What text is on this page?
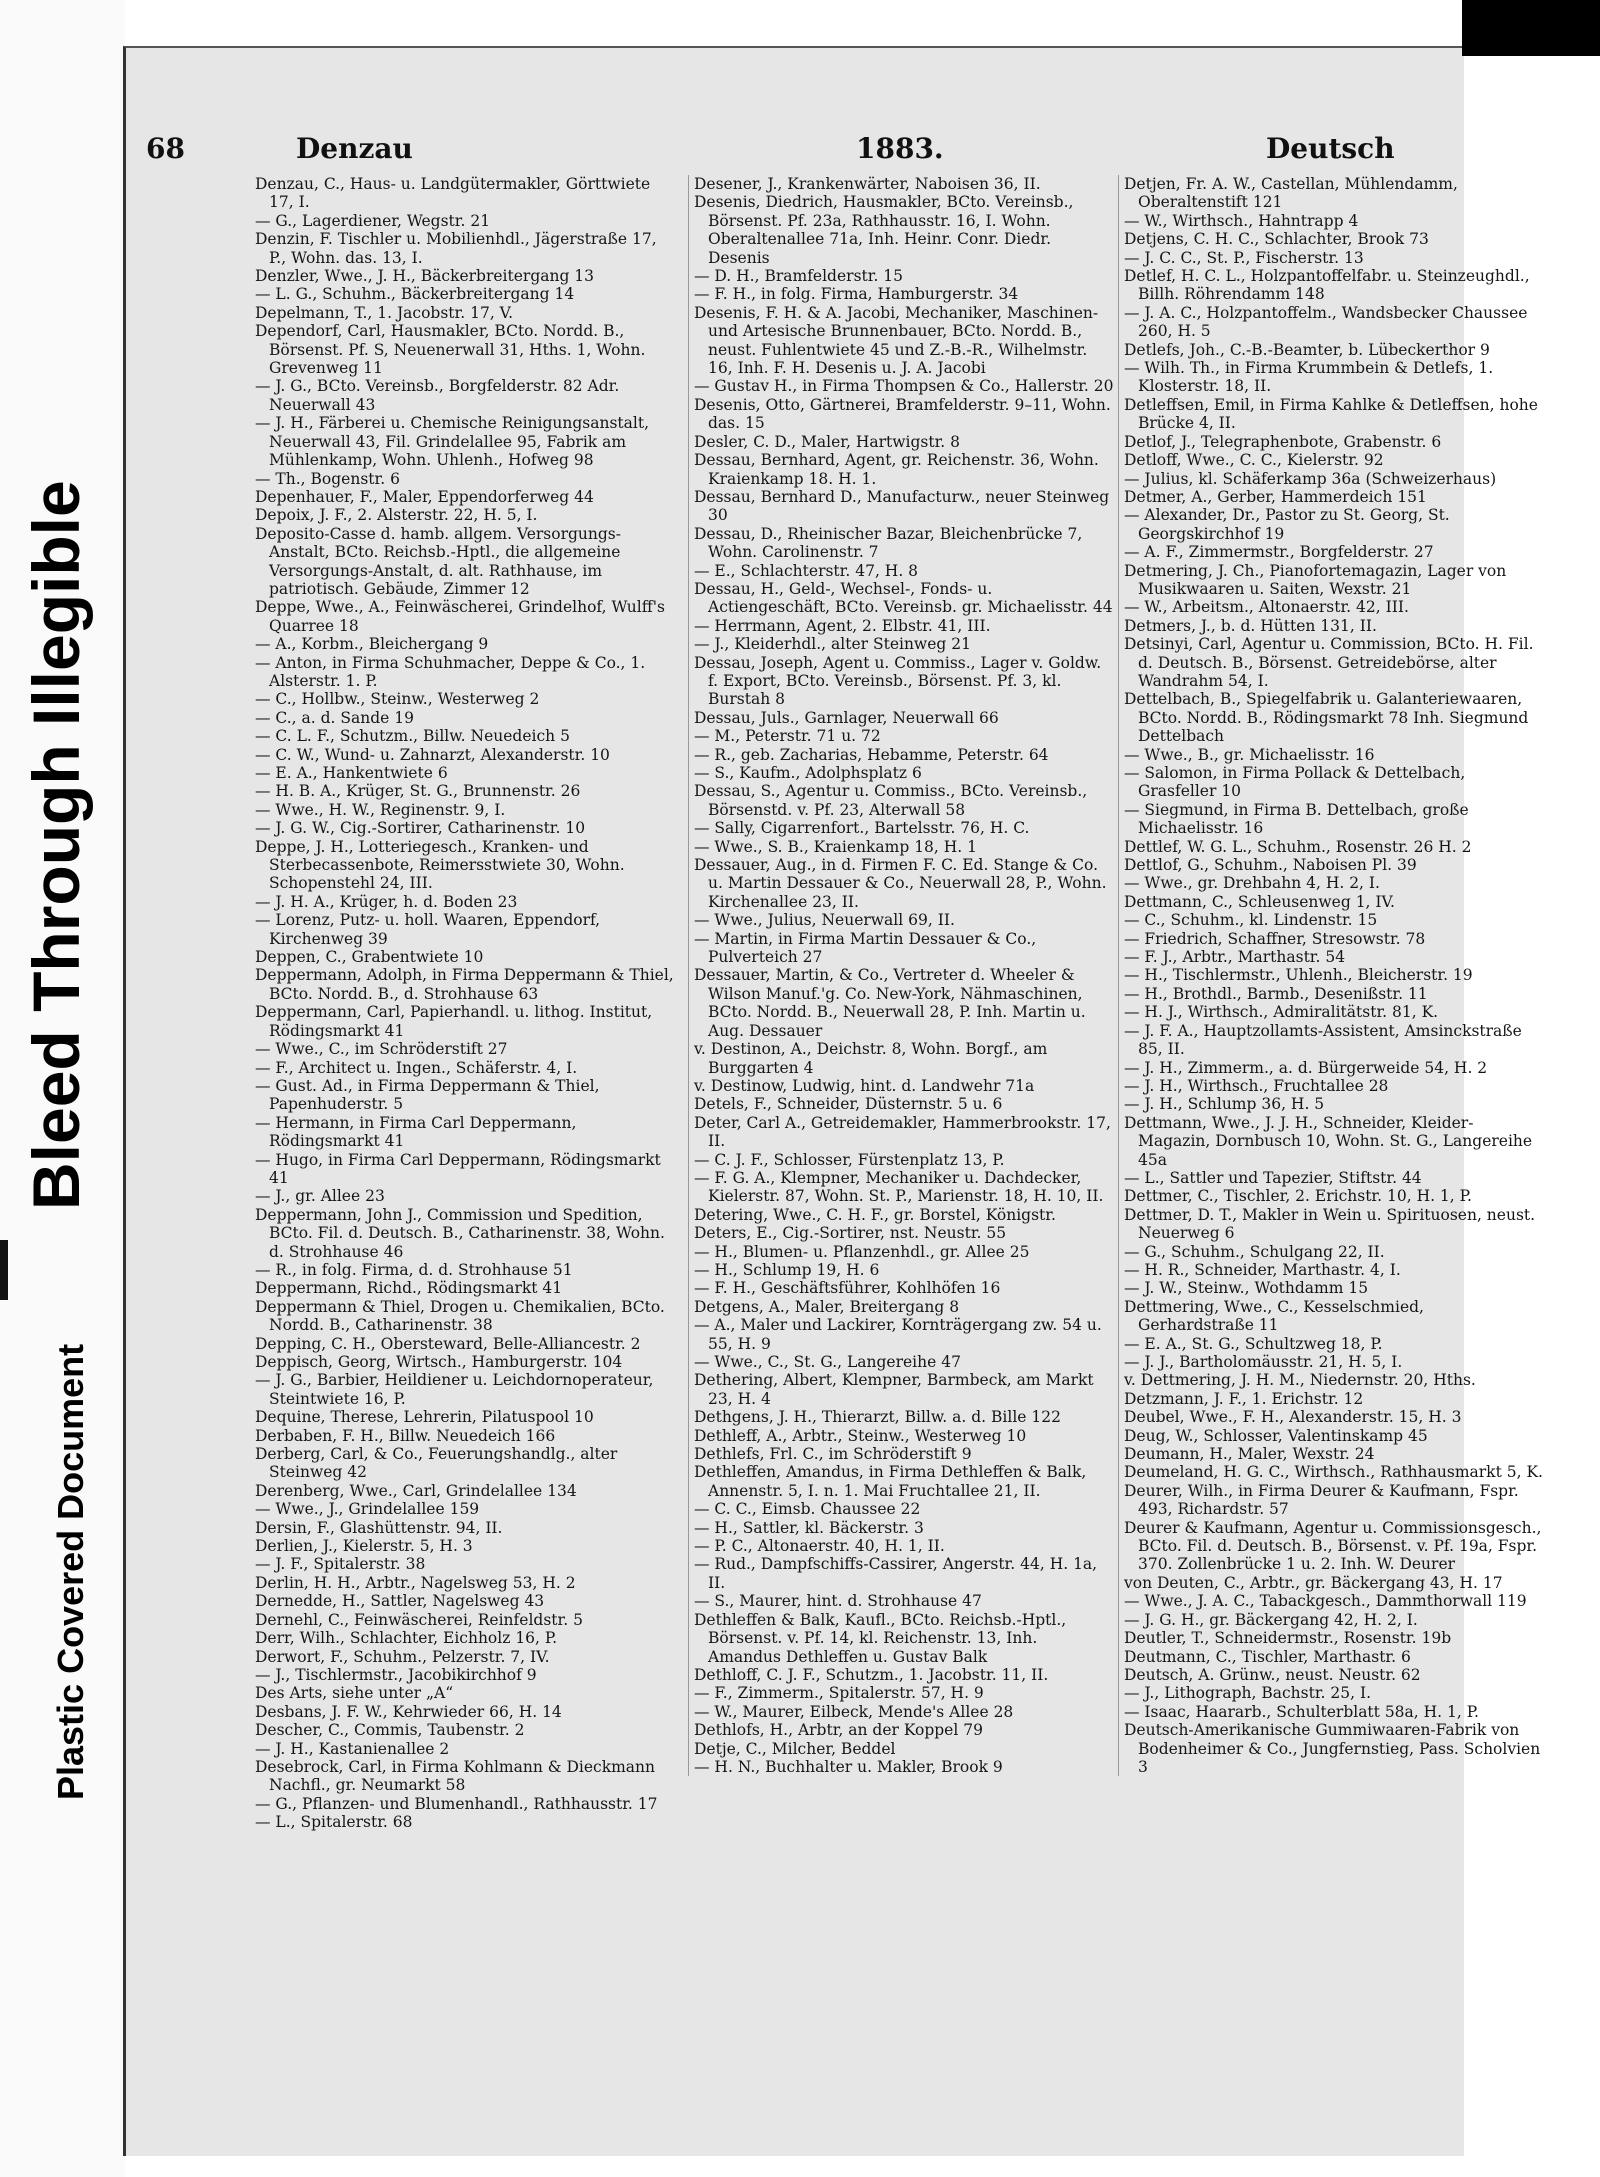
Bleed Through Illegible
Plastic Covered Document
68	Denzau	1883.	Deutsch

Denzau, C., Haus- u. Landgütermakler, Görttwiete 17, I.

— G., Lagerdiener, Wegstr. 21

Denzin, F. Tischler u. Mobilienhdl., Jägerstraße 17, P., Wohn. das. 13, I.

Denzler, Wwe., J. H., Bäckerbreitergang 13

— L. G., Schuhm., Bäckerbreitergang 14

Depelmann, T., 1. Jacobstr. 17, V.

Dependorf, Carl, Hausmakler, BCto. Nordd. B., Börsenst. Pf. S, Neuenerwall 31, Hths. 1, Wohn. Grevenweg 11

— J. G., BCto. Vereinsb., Borgfelderstr. 82 Adr. Neuerwall 43

— J. H., Färberei u. Chemische Reinigungsanstalt, Neuerwall 43, Fil. Grindelallee 95, Fabrik am Mühlenkamp, Wohn. Uhlenh., Hofweg 98

— Th., Bogenstr. 6

Depenhauer, F., Maler, Eppendorferweg 44

Depoix, J. F., 2. Alsterstr. 22, H. 5, I.

Deposito-Casse d. hamb. allgem. Versorgungs-Anstalt, BCto. Reichsb.-Hptl., die allgemeine Versorgungs-Anstalt, d. alt. Rathhause, im patriotisch. Gebäude, Zimmer 12

Deppe, Wwe., A., Feinwäscherei, Grindelhof, Wulff's Quarree 18

— A., Korbm., Bleichergang 9

— Anton, in Firma Schuhmacher, Deppe & Co., 1. Alsterstr. 1. P.

— C., Hollbw., Steinw., Westerweg 2

— C., a. d. Sande 19

— C. L. F., Schutzm., Billw. Neuedeich 5

— C. W., Wund- u. Zahnarzt, Alexanderstr. 10

— E. A., Hankentwiete 6

— H. B. A., Krüger, St. G., Brunnenstr. 26

— Wwe., H. W., Reginenstr. 9, I.

— J. G. W., Cig.-Sortirer, Catharinenstr. 10

Deppe, J. H., Lotteriegesch., Kranken- und Sterbecassenbote, Reimersstwiete 30, Wohn. Schopenstehl 24, III.

— J. H. A., Krüger, h. d. Boden 23

— Lorenz, Putz- u. holl. Waaren, Eppendorf, Kirchenweg 39

Deppen, C., Grabentwiete 10

Deppermann, Adolph, in Firma Deppermann & Thiel, BCto. Nordd. B., d. Strohhause 63

Deppermann, Carl, Papierhandl. u. lithog. Institut, Rödingsmarkt 41

— Wwe., C., im Schröderstift 27

— F., Architect u. Ingen., Schäferstr. 4, I.

— Gust. Ad., in Firma Deppermann & Thiel, Papenhuderstr. 5

— Hermann, in Firma Carl Deppermann, Rödingsmarkt 41

— Hugo, in Firma Carl Deppermann, Rödingsmarkt 41

— J., gr. Allee 23

Deppermann, John J., Commission und Spedition, BCto. Fil. d. Deutsch. B., Catharinenstr. 38, Wohn. d. Strohhause 46

— R., in folg. Firma, d. d. Strohhause 51

Deppermann, Richd., Rödingsmarkt 41

Deppermann & Thiel, Drogen u. Chemikalien, BCto. Nordd. B., Catharinenstr. 38

Depping, C. H., Obersteward, Belle-Alliancestr. 2

Deppisch, Georg, Wirtsch., Hamburgerstr. 104

— J. G., Barbier, Heildiener u. Leichdornoperateur, Steintwiete 16, P.

Dequine, Therese, Lehrerin, Pilatuspool 10

Derbaben, F. H., Billw. Neuedeich 166

Derberg, Carl, & Co., Feuerungshandlg., alter Steinweg 42

Derenberg, Wwe., Carl, Grindelallee 134

— Wwe., J., Grindelallee 159

Dersin, F., Glashüttenstr. 94, II.

Derlien, J., Kielerstr. 5, H. 3

— J. F., Spitalerstr. 38

Derlin, H. H., Arbtr., Nagelsweg 53, H. 2

Dernedde, H., Sattler, Nagelsweg 43

Dernehl, C., Feinwäscherei, Reinfeldstr. 5

Derr, Wilh., Schlachter, Eichholz 16, P.

Derwort, F., Schuhm., Pelzerstr. 7, IV.

— J., Tischlermstr., Jacobikirchhof 9

Des Arts, siehe unter „A“

Desbans, J. F. W., Kehrwieder 66, H. 14

Descher, C., Commis, Taubenstr. 2

— J. H., Kastanienallee 2

Desebrock, Carl, in Firma Kohlmann & Dieckmann Nachfl., gr. Neumarkt 58

— G., Pflanzen- und Blumenhandl., Rathhausstr. 17

— L., Spitalerstr. 68

Desener, J., Krankenwärter, Naboisen 36, II.

Desenis, Diedrich, Hausmakler, BCto. Vereinsb., Börsenst. Pf. 23a, Rathhausstr. 16, I. Wohn. Oberaltenallee 71a, Inh. Heinr. Conr. Diedr. Desenis

— D. H., Bramfelderstr. 15

— F. H., in folg. Firma, Hamburgerstr. 34

Desenis, F. H. & A. Jacobi, Mechaniker, Maschinen- und Artesische Brunnenbauer, BCto. Nordd. B., neust. Fuhlentwiete 45 und Z.-B.-R., Wilhelmstr. 16, Inh. F. H. Desenis u. J. A. Jacobi

— Gustav H., in Firma Thompsen & Co., Hallerstr. 20

Desenis, Otto, Gärtnerei, Bramfelderstr. 9–11, Wohn. das. 15

Desler, C. D., Maler, Hartwigstr. 8

Dessau, Bernhard, Agent, gr. Reichenstr. 36, Wohn. Kraienkamp 18. H. 1.

Dessau, Bernhard D., Manufacturw., neuer Steinweg 30

Dessau, D., Rheinischer Bazar, Bleichenbrücke 7, Wohn. Carolinenstr. 7

— E., Schlachterstr. 47, H. 8

Dessau, H., Geld-, Wechsel-, Fonds- u. Actiengeschäft, BCto. Vereinsb. gr. Michaelisstr. 44

— Herrmann, Agent, 2. Elbstr. 41, III.

— J., Kleiderhdl., alter Steinweg 21

Dessau, Joseph, Agent u. Commiss., Lager v. Goldw. f. Export, BCto. Vereinsb., Börsenst. Pf. 3, kl. Burstah 8

Dessau, Juls., Garnlager, Neuerwall 66

— M., Peterstr. 71 u. 72

— R., geb. Zacharias, Hebamme, Peterstr. 64

— S., Kaufm., Adolphsplatz 6

Dessau, S., Agentur u. Commiss., BCto. Vereinsb., Börsenstd. v. Pf. 23, Alterwall 58

— Sally, Cigarrenfort., Bartelsstr. 76, H. C.

— Wwe., S. B., Kraienkamp 18, H. 1

Dessauer, Aug., in d. Firmen F. C. Ed. Stange & Co. u. Martin Dessauer & Co., Neuerwall 28, P., Wohn. Kirchenallee 23, II.

— Wwe., Julius, Neuerwall 69, II.

— Martin, in Firma Martin Dessauer & Co., Pulverteich 27

Dessauer, Martin, & Co., Vertreter d. Wheeler & Wilson Manuf.'g. Co. New-York, Nähmaschinen, BCto. Nordd. B., Neuerwall 28, P. Inh. Martin u. Aug. Dessauer

v. Destinon, A., Deichstr. 8, Wohn. Borgf., am Burggarten 4

v. Destinow, Ludwig, hint. d. Landwehr 71a

Detels, F., Schneider, Düsternstr. 5 u. 6

Deter, Carl A., Getreidemakler, Hammerbrookstr. 17, II.

— C. J. F., Schlosser, Fürstenplatz 13, P.

— F. G. A., Klempner, Mechaniker u. Dachdecker, Kielerstr. 87, Wohn. St. P., Marienstr. 18, H. 10, II.

Detering, Wwe., C. H. F., gr. Borstel, Königstr.

Deters, E., Cig.-Sortirer, nst. Neustr. 55

— H., Blumen- u. Pflanzenhdl., gr. Allee 25

— H., Schlump 19, H. 6

— F. H., Geschäftsführer, Kohlhöfen 16

Detgens, A., Maler, Breitergang 8

— A., Maler und Lackirer, Kornträgergang zw. 54 u. 55, H. 9

— Wwe., C., St. G., Langereihe 47

Dethering, Albert, Klempner, Barmbeck, am Markt 23, H. 4

Dethgens, J. H., Thierarzt, Billw. a. d. Bille 122

Dethleff, A., Arbtr., Steinw., Westerweg 10

Dethlefs, Frl. C., im Schröderstift 9

Dethleffen, Amandus, in Firma Dethleffen & Balk, Annenstr. 5, I. n. 1. Mai Fruchtallee 21, II.

— C. C., Eimsb. Chaussee 22

— H., Sattler, kl. Bäckerstr. 3

— P. C., Altonaerstr. 40, H. 1, II.

— Rud., Dampfschiffs-Cassirer, Angerstr. 44, H. 1a, II.

— S., Maurer, hint. d. Strohhause 47

Dethleffen & Balk, Kaufl., BCto. Reichsb.-Hptl., Börsenst. v. Pf. 14, kl. Reichenstr. 13, Inh. Amandus Dethleffen u. Gustav Balk

Dethloff, C. J. F., Schutzm., 1. Jacobstr. 11, II.

— F., Zimmerm., Spitalerstr. 57, H. 9

— W., Maurer, Eilbeck, Mende's Allee 28

Dethlofs, H., Arbtr, an der Koppel 79

Detje, C., Milcher, Beddel

— H. N., Buchhalter u. Makler, Brook 9

Detjen, Fr. A. W., Castellan, Mühlendamm, Oberaltenstift 121

— W., Wirthsch., Hahntrapp 4

Detjens, C. H. C., Schlachter, Brook 73

— J. C. C., St. P., Fischerstr. 13

Detlef, H. C. L., Holzpantoffelfabr. u. Steinzeughdl., Billh. Röhrendamm 148

— J. A. C., Holzpantoffelm., Wandsbecker Chaussee 260, H. 5

Detlefs, Joh., C.-B.-Beamter, b. Lübeckerthor 9

— Wilh. Th., in Firma Krummbein & Detlefs, 1. Klosterstr. 18, II.

Detleffsen, Emil, in Firma Kahlke & Detleffsen, hohe Brücke 4, II.

Detlof, J., Telegraphenbote, Grabenstr. 6

Detloff, Wwe., C. C., Kielerstr. 92

— Julius, kl. Schäferkamp 36a (Schweizerhaus)

Detmer, A., Gerber, Hammerdeich 151

— Alexander, Dr., Pastor zu St. Georg, St. Georgskirchhof 19

— A. F., Zimmermstr., Borgfelderstr. 27

Detmering, J. Ch., Pianofortemagazin, Lager von Musikwaaren u. Saiten, Wexstr. 21

— W., Arbeitsm., Altonaerstr. 42, III.

Detmers, J., b. d. Hütten 131, II.

Detsinyi, Carl, Agentur u. Commission, BCto. H. Fil. d. Deutsch. B., Börsenst. Getreidebörse, alter Wandrahm 54, I.

Dettelbach, B., Spiegelfabrik u. Galanteriewaaren, BCto. Nordd. B., Rödingsmarkt 78 Inh. Siegmund Dettelbach

— Wwe., B., gr. Michaelisstr. 16

— Salomon, in Firma Pollack & Dettelbach, Grasfeller 10

— Siegmund, in Firma B. Dettelbach, große Michaelisstr. 16

Dettlef, W. G. L., Schuhm., Rosenstr. 26 H. 2

Dettlof, G., Schuhm., Naboisen Pl. 39

— Wwe., gr. Drehbahn 4, H. 2, I.

Dettmann, C., Schleusenweg 1, IV.

— C., Schuhm., kl. Lindenstr. 15

— Friedrich, Schaffner, Stresowstr. 78

— F. J., Arbtr., Marthastr. 54

— H., Tischlermstr., Uhlenh., Bleicherstr. 19

— H., Brothdl., Barmb., Desenißstr. 11

— H. J., Wirthsch., Admiralitätstr. 81, K.

— J. F. A., Hauptzollamts-Assistent, Amsinckstraße 85, II.

— J. H., Zimmerm., a. d. Bürgerweide 54, H. 2

— J. H., Wirthsch., Fruchtallee 28

— J. H., Schlump 36, H. 5

Dettmann, Wwe., J. J. H., Schneider, Kleider-Magazin, Dornbusch 10, Wohn. St. G., Langereihe 45a

— L., Sattler und Tapezier, Stiftstr. 44

Dettmer, C., Tischler, 2. Erichstr. 10, H. 1, P.

Dettmer, D. T., Makler in Wein u. Spirituosen, neust. Neuerweg 6

— G., Schuhm., Schulgang 22, II.

— H. R., Schneider, Marthastr. 4, I.

— J. W., Steinw., Wothdamm 15

Dettmering, Wwe., C., Kesselschmied, Gerhardstraße 11

— E. A., St. G., Schultzweg 18, P.

— J. J., Bartholomäusstr. 21, H. 5, I.

v. Dettmering, J. H. M., Niedernstr. 20, Hths.

Detzmann, J. F., 1. Erichstr. 12

Deubel, Wwe., F. H., Alexanderstr. 15, H. 3

Deug, W., Schlosser, Valentinskamp 45

Deumann, H., Maler, Wexstr. 24

Deumeland, H. G. C., Wirthsch., Rathhausmarkt 5, K.

Deurer, Wilh., in Firma Deurer & Kaufmann, Fspr. 493, Richardstr. 57

Deurer & Kaufmann, Agentur u. Commissionsgesch., BCto. Fil. d. Deutsch. B., Börsenst. v. Pf. 19a, Fspr. 370. Zollenbrücke 1 u. 2. Inh. W. Deurer

von Deuten, C., Arbtr., gr. Bäckergang 43, H. 17

— Wwe., J. A. C., Tabackgesch., Dammthorwall 119

— J. G. H., gr. Bäckergang 42, H. 2, I.

Deutler, T., Schneidermstr., Rosenstr. 19b

Deutmann, C., Tischler, Marthastr. 6

Deutsch, A. Grünw., neust. Neustr. 62

— J., Lithograph, Bachstr. 25, I.

— Isaac, Haararb., Schulterblatt 58a, H. 1, P.

Deutsch-Amerikanische Gummiwaaren-Fabrik von Bodenheimer & Co., Jungfernstieg, Pass. Scholvien 3
